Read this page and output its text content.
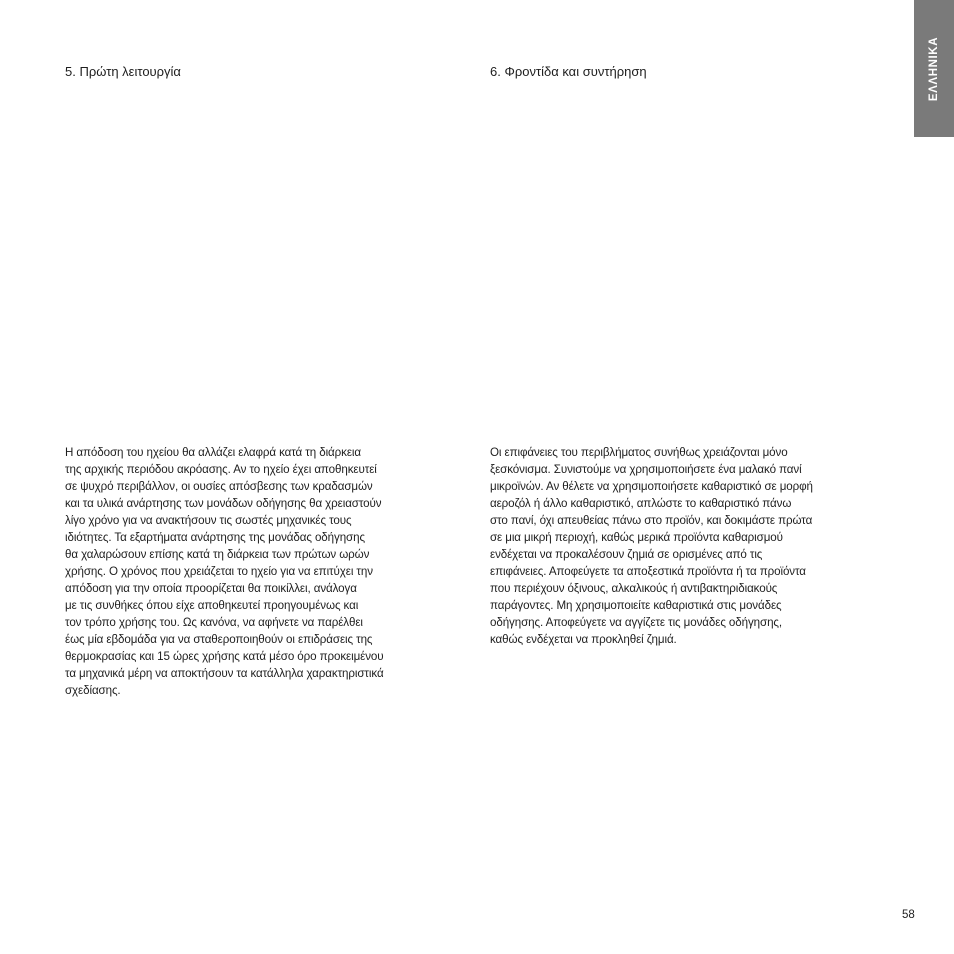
5. Πρώτη λειτουργία	6. Φροντίδα και συντήρηση
Η απόδοση του ηχείου θα αλλάζει ελαφρά κατά τη διάρκεια
της αρχικής περιόδου ακρόασης. Αν το ηχείο έχει αποθηκευτεί
σε ψυχρό περιβάλλον, οι ουσίες απόσβεσης των κραδασμών
και τα υλικά ανάρτησης των μονάδων οδήγησης θα χρειαστούν
λίγο χρόνο για να ανακτήσουν τις σωστές μηχανικές τους
ιδιότητες. Τα εξαρτήματα ανάρτησης της μονάδας οδήγησης
θα χαλαρώσουν επίσης κατά τη διάρκεια των πρώτων ωρών
χρήσης. Ο χρόνος που χρειάζεται το ηχείο για να επιτύχει την
απόδοση για την οποία προορίζεται θα ποικίλλει, ανάλογα
με τις συνθήκες όπου είχε αποθηκευτεί προηγουμένως και
τον τρόπο χρήσης του. Ως κανόνα, να αφήνετε να παρέλθει
έως μία εβδομάδα για να σταθεροποιηθούν οι επιδράσεις της
θερμοκρασίας και 15 ώρες χρήσης κατά μέσο όρο προκειμένου
τα μηχανικά μέρη να αποκτήσουν τα κατάλληλα χαρακτηριστικά
σχεδίασης.
Οι επιφάνειες του περιβλήματος συνήθως χρειάζονται μόνο
ξεσκόνισμα. Συνιστούμε να χρησιμοποιήσετε ένα μαλακό πανί
μικροϊνών. Αν θέλετε να χρησιμοποιήσετε καθαριστικό σε μορφή
αεροζόλ ή άλλο καθαριστικό, απλώστε το καθαριστικό πάνω
στο πανί, όχι απευθείας πάνω στο προϊόν, και δοκιμάστε πρώτα
σε μια μικρή περιοχή, καθώς μερικά προϊόντα καθαρισμού
ενδέχεται να προκαλέσουν ζημιά σε ορισμένες από τις
επιφάνειες. Αποφεύγετε τα αποξεστικά προϊόντα ή τα προϊόντα
που περιέχουν όξινους, αλκαλικούς ή αντιβακτηριδιακούς
παράγοντες. Μη χρησιμοποιείτε καθαριστικά στις μονάδες
οδήγησης. Αποφεύγετε να αγγίζετε τις μονάδες οδήγησης,
καθώς ενδέχεται να προκληθεί ζημιά.
ΕΛΛΗΝΙΚΑ
58
